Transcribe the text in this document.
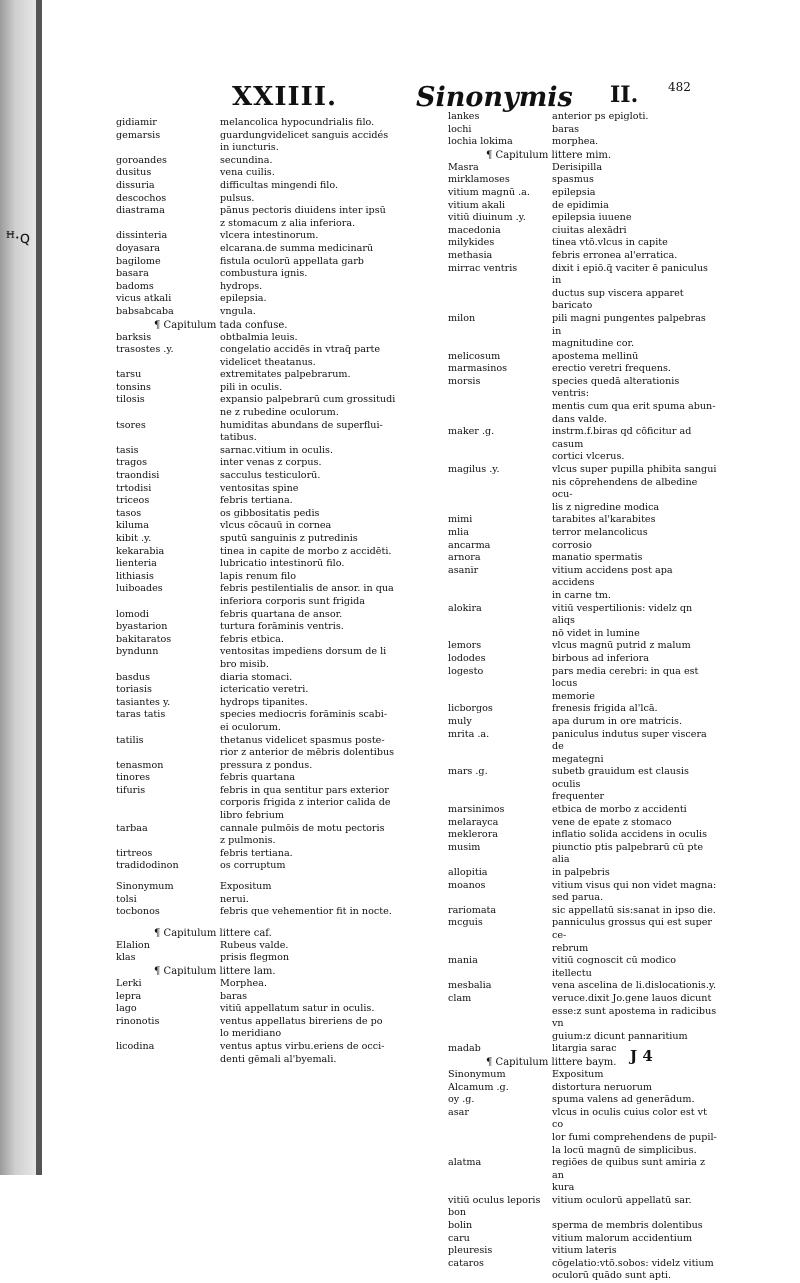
ꟸ·ꞯ
XXIIII.	Sinonymis II. 482
gidiamir	melancolica hypocundrialis filo.
gemarsis	guardungvidelicet sanguis accidés
in iuncturis.
goroandes	secundina.
dusitus	vena cuilis.
dissuria	difficultas mingendi filo.
descochos	pulsus.
diastrama	pānus pectoris diuidens inter ipsū
z stomacum z alia inferiora.
dissinteria	vlcera intestinorum.
doyasara	elcarana.de summa medicinarū
bagilome	fistula oculorū appellata garb
basara	combustura ignis.
badoms	hydrops.
vicus atkali	epilepsia.
babsabcaba	vngula.
¶ Capitulum tada confuse.
barksis	obtbalmia leuis.
trasostes .y.	congelatio accidēs in vtraq̃ parte
videlicet theatanus.
tarsu	extremitates palpebrarum.
tonsins	pili in oculis.
tilosis	expansio palpebrarū cum grossitudi
ne z rubedine oculorum.
tsores	humiditas abundans de superflui-
tatibus.
tasis	sarnac.vitium in oculis.
tragos	inter venas z corpus.
traondisi	sacculus testiculorū.
trtodisi	ventositas spine
triceos	febris tertiana.
tasos	os gibbositatis pedis
kiluma	vlcus cōcauū in cornea
kibit .y.	sputū sanguinis z putredinis
kekarabia	tinea in capite de morbo z accidēti.
lienteria	lubricatio intestinorū filo.
lithiasis	lapis renum filo
luiboades	febris pestilentialis de ansor. in qua
inferiora corporis sunt frigida
lomodi	febris quartana de ansor.
byastarion	turtura forāminis ventris.
bakitaratos	febris etbica.
byndunn	ventositas impediens dorsum de li
bro misib.
basdus	diaria stomaci.
toriasis	ictericatio veretri.
tasiantes y.	hydrops tipanites.
taras tatis	species mediocris forāminis scabi-
ei oculorum.
tatilis	thetanus videlicet spasmus poste-
rior z anterior de mēbris dolentibus
tenasmon	pressura z pondus.
tinores	febris quartana
tifuris	febris in qua sentitur pars exterior
corporis frigida z interior calida de
libro febrium
tarbaa	cannale pulmōis de motu pectoris
z pulmonis.
tirtreos	febris tertiana.
tradidodinon	os corruptum
Sinonymum	Expositum
tolsi	nerui.
tocbonos	febris que vehementior fit in nocte.
¶ Capitulum littere caf.
Elalion	Rubeus valde.
klas	prisis flegmon
¶ Capitulum littere lam.
Lerki	Morphea.
lepra	baras
lago	vitiū appellatum satur in oculis.
rinonotis	ventus appellatus bireriens de po
lo meridiano
licodina	ventus aptus virbu.eriens de occi-
denti gēmali al'byemali.
lankes	anterior ps epigloti.
lochi	baras
lochia lokima	morphea.
¶ Capitulum littere mim.
Masra	Derisipilla
mirklamoses	spasmus
vitium magnū .a.	epilepsia
vitium akali	de epidimia
vitiū diuinum .y.	epilepsia iuuene
macedonia	ciuitas alexādri
milykides	tinea vtō.vlcus in capite
methasia	febris erronea al'erratica.
mirrac ventris	dixit i epiō.q̃ vaciter ē paniculus in
ductus sup viscera apparet baricato
milon	pili magni pungentes palpebras in
magnitudine cor.
melicosum	apostema mellinū
marmasinos	erectio veretri frequens.
morsis	species quedā alterationis ventris:
mentis cum qua erit spuma abun-
dans valde.
maker .g.	instrm.f.biras qd cōficitur ad casum
cortici vlcerus.
magilus .y.	vlcus super pupilla phibita sangui
nis cōprehendens de albedine ocu-
lis z nigredine modica
mimi	tarabites al'karabites
mlia	terror melancolicus
ancarma	corrosio
arnora	manatio spermatis
asanir	vitium accidens post apa accidens
in carne tm.
alokira	vitiū vespertilionis: videlz qn aliqs
nō videt in lumine
lemors	vlcus magnū putrid z malum
lododes	birbous ad inferiora
logesto	pars media cerebri: in qua est locus
memorie
licborgos	frenesis frigida al'lcā.
muly	apa durum in ore matricis.
mrita .a.	paniculus indutus super viscera de
megategni
mars .g.	subetb grauidum est clausis oculis
frequenter
marsinimos	etbica de morbo z accidenti
melarayca	vene de epate z stomaco
meklerora	inflatio solida accidens in oculis
musim	piunctio ptis palpebrarū cū pte alia
allopitia	in palpebris
moanos	vitium visus qui non videt magna:
sed parua.
rariomata	sic appellatū sis:sanat in ipso die.
mcguis	panniculus grossus qui est super ce-
rebrum
mania	vitiū cognoscit cū modico itellectu
mesbalia	vena ascelina de li.dislocationis.y.
clam	veruce.dixit Jo.gene lauos dicunt
esse:z sunt apostema in radicibus vn
guium:z dicunt pannaritium
madab	litargia sarac
¶ Capitulum littere baym.
Sinonymum	Expositum
Alcamum .g.	distortura neruorum
oy .g.	spuma valens ad generādum.
asar	vlcus in oculis cuius color est vt co
lor fumi comprehendens de pupil-
la locū magnū de simplicibus.
alatma	regiōes de quibus sunt amiria z an
kura
vitiū oculus leporis	vitium oculorū appellatū sar.
bon
bolin	sperma de membris dolentibus
caru	vitium malorum accidentium
pleuresis	vitium lateris
cataros	cōgelatio:vtō.sobos: videlz vitium
oculorū quādo sunt apti.
J 4
